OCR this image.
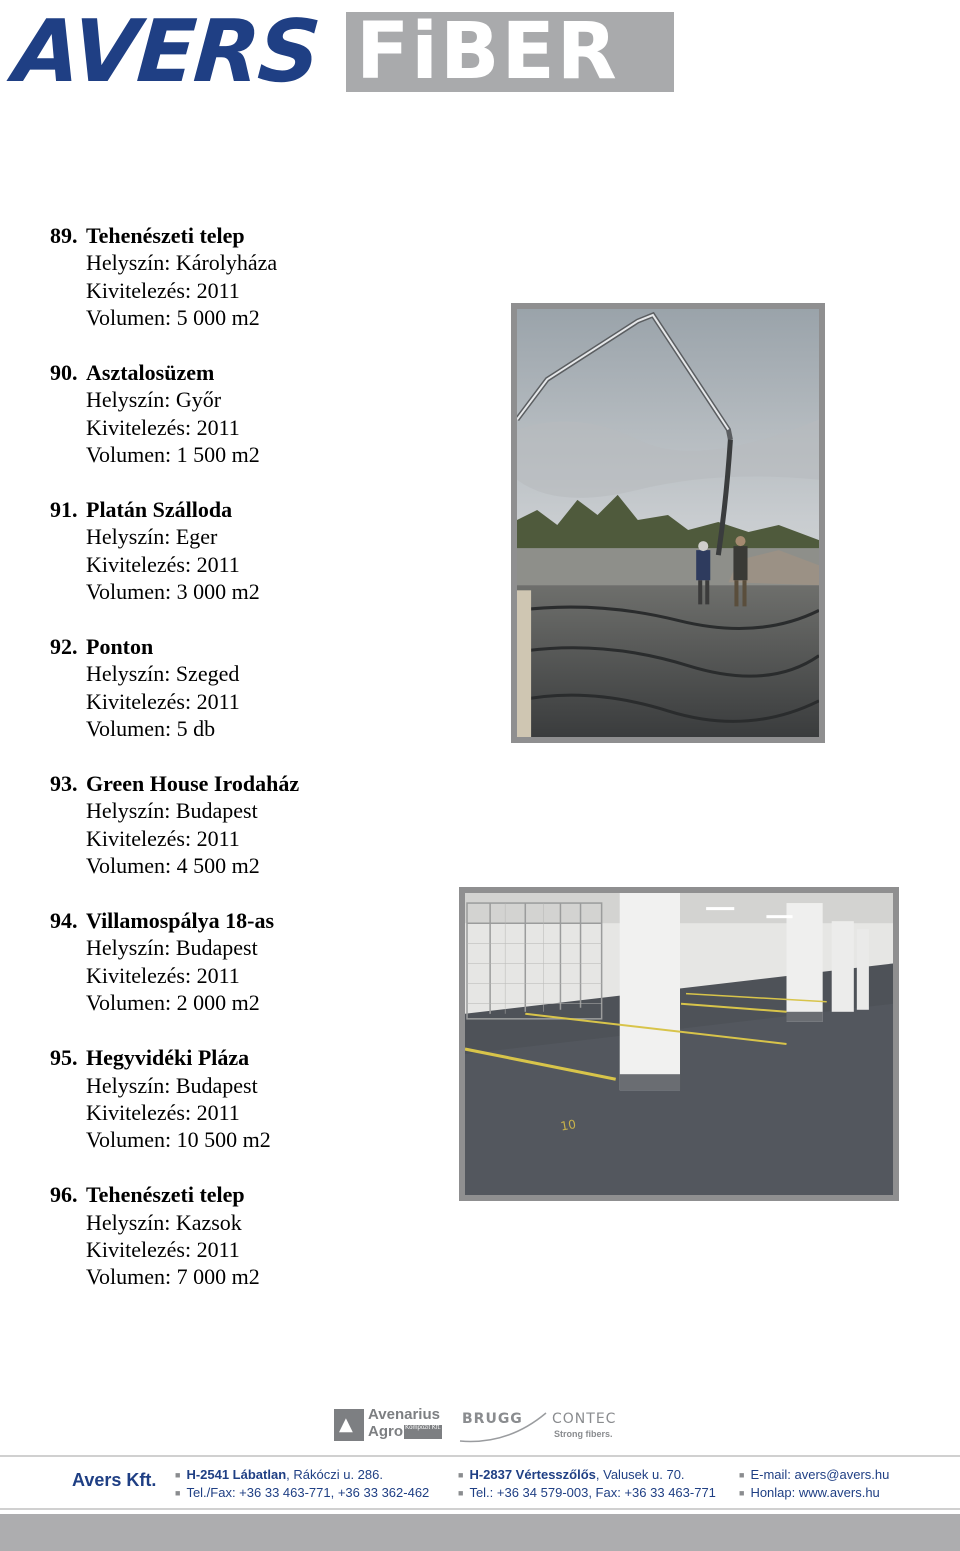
AVERS FiBER
89. Tehenészeti telep
Helyszín: Károlyháza
Kivitelezés: 2011
Volumen: 5 000 m2
90. Asztalosüzem
Helyszín: Győr
Kivitelezés: 2011
Volumen: 1 500 m2
91. Platán Szálloda
Helyszín: Eger
Kivitelezés: 2011
Volumen: 3 000 m2
92. Ponton
Helyszín: Szeged
Kivitelezés: 2011
Volumen: 5 db
93. Green House Irodaház
Helyszín: Budapest
Kivitelezés: 2011
Volumen: 4 500 m2
94. Villamospálya 18-as
Helyszín: Budapest
Kivitelezés: 2011
Volumen: 2 000 m2
95. Hegyvidéki Pláza
Helyszín: Budapest
Kivitelezés: 2011
Volumen: 10 500 m2
96. Tehenészeti telep
Helyszín: Kazsok
Kivitelezés: 2011
Volumen: 7 000 m2
10
▲ Avenarius
Agro Kompozit Kft.
BRUGG CONTEC
Strong fibers.
Avers Kft.
■	H-2541 Lábatlan, Rákóczi u. 286.
■ Tel./Fax: +36 33 463-771, +36 33 362-462
■ H-2837 Vértesszőlős, Valusek u. 70.
■ Tel.: +36 34 579-003, Fax: +36 33 463-771
■ E-mail: avers@avers.hu
■ Honlap: www.avers.hu
